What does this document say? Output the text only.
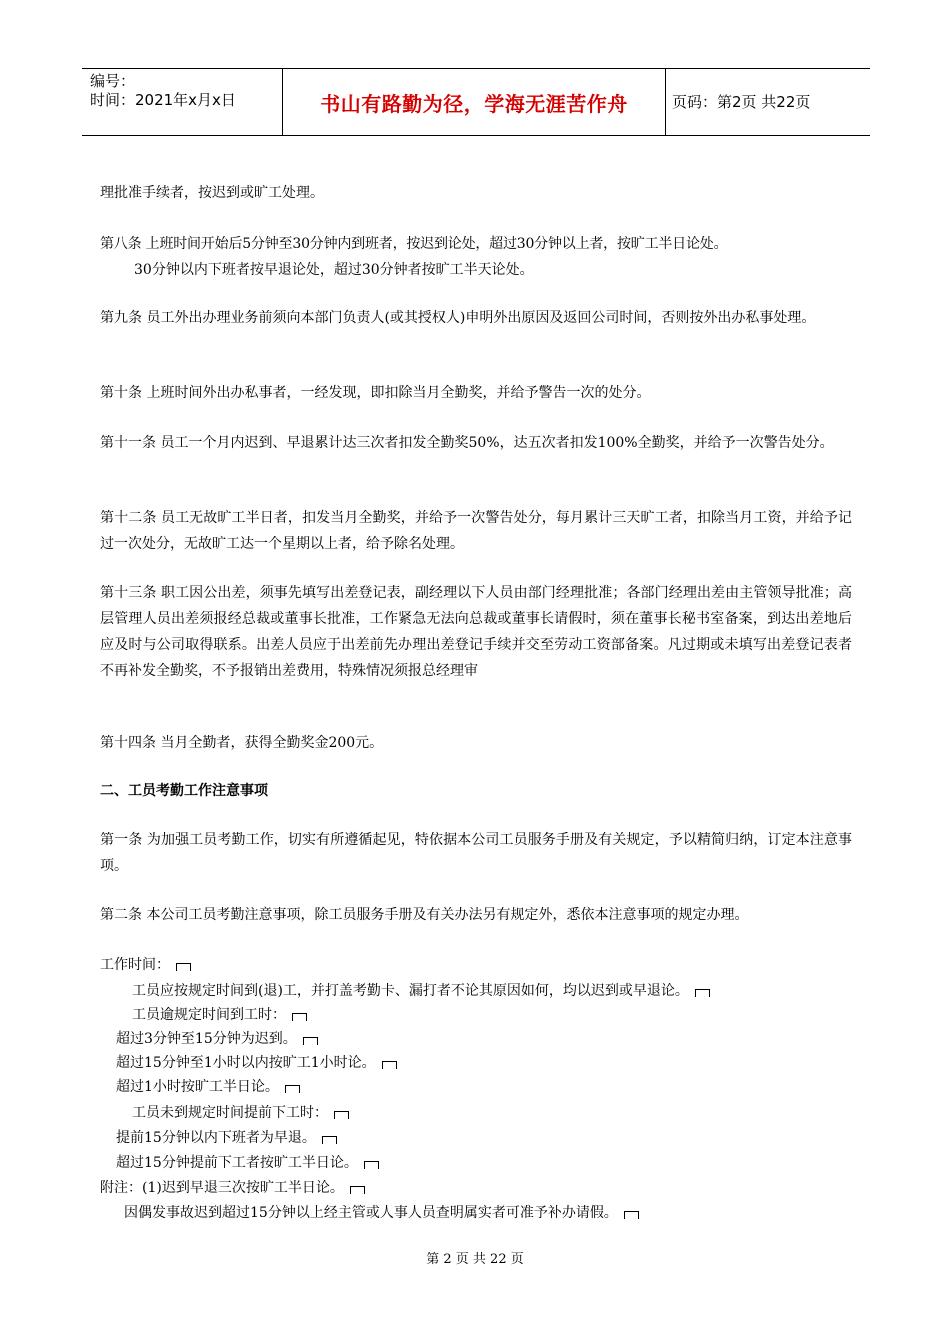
编号：
时间：2021年x月x日	书山有路勤为径，学海无涯苦作舟	页码：第2页 共22页
理批准手续者，按迟到或旷工处理。
第八条 上班时间开始后5分钟至30分钟内到班者，按迟到论处，超过30分钟以上者，按旷工半日论处。
30分钟以内下班者按早退论处，超过30分钟者按旷工半天论处。
第九条 员工外出办理业务前须向本部门负责人(或其授权人)申明外出原因及返回公司时间，否则按外出办私事处理。
第十条 上班时间外出办私事者，一经发现，即扣除当月全勤奖，并给予警告一次的处分。
第十一条 员工一个月内迟到、早退累计达三次者扣发全勤奖50%，达五次者扣发100%全勤奖，并给予一次警告处分。
第十二条 员工无故旷工半日者，扣发当月全勤奖，并给予一次警告处分，每月累计三天旷工者，扣除当月工资，并给予记过一次处分，无故旷工达一个星期以上者，给予除名处理。
第十三条 职工因公出差，须事先填写出差登记表，副经理以下人员由部门经理批准；各部门经理出差由主管领导批准；高层管理人员出差须报经总裁或董事长批准，工作紧急无法向总裁或董事长请假时，须在董事长秘书室备案，到达出差地后应及时与公司取得联系。出差人员应于出差前先办理出差登记手续并交至劳动工资部备案。凡过期或未填写出差登记表者不再补发全勤奖，不予报销出差费用，特殊情况须报总经理审
第十四条 当月全勤者，获得全勤奖金200元。
二、工员考勤工作注意事项
第一条 为加强工员考勤工作，切实有所遵循起见，特依据本公司工员服务手册及有关规定，予以精简归纳，订定本注意事项。
第二条 本公司工员考勤注意事项，除工员服务手册及有关办法另有规定外，悉依本注意事项的规定办理。
工作时间：
工员应按规定时间到(退)工，并打盖考勤卡、漏打者不论其原因如何，均以迟到或早退论。
工员逾规定时间到工时：
超过3分钟至15分钟为迟到。
超过15分钟至1小时以内按旷工1小时论。
超过1小时按旷工半日论。
工员未到规定时间提前下工时：
提前15分钟以内下班者为早退。
超过15分钟提前下工者按旷工半日论。
附注：(1)迟到早退三次按旷工半日论。
因偶发事故迟到超过15分钟以上经主管或人事人员查明属实者可准予补办请假。
第 2 页 共 22 页
